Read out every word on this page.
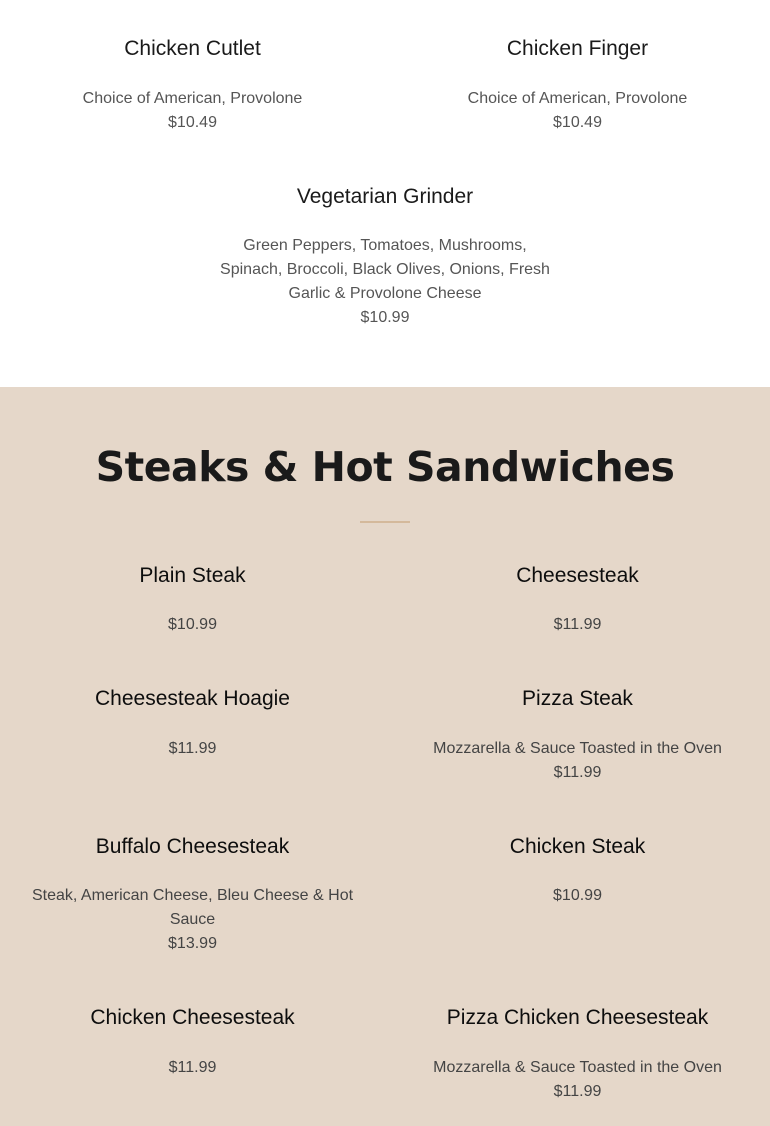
Chicken Cutlet
Choice of American, Provolone
$10.49
Chicken Finger
Choice of American, Provolone
$10.49
Vegetarian Grinder
Green Peppers, Tomatoes, Mushrooms,
Spinach, Broccoli, Black Olives, Onions, Fresh
Garlic & Provolone Cheese
$10.99
Steaks & Hot Sandwiches
Plain Steak
$10.99
Cheesesteak
$11.99
Cheesesteak Hoagie
$11.99
Pizza Steak
Mozzarella & Sauce Toasted in the Oven
$11.99
Buffalo Cheesesteak
Steak, American Cheese, Bleu Cheese & Hot
Sauce
$13.99
Chicken Steak
$10.99
Chicken Cheesesteak
$11.99
Pizza Chicken Cheesesteak
Mozzarella & Sauce Toasted in the Oven
$11.99
